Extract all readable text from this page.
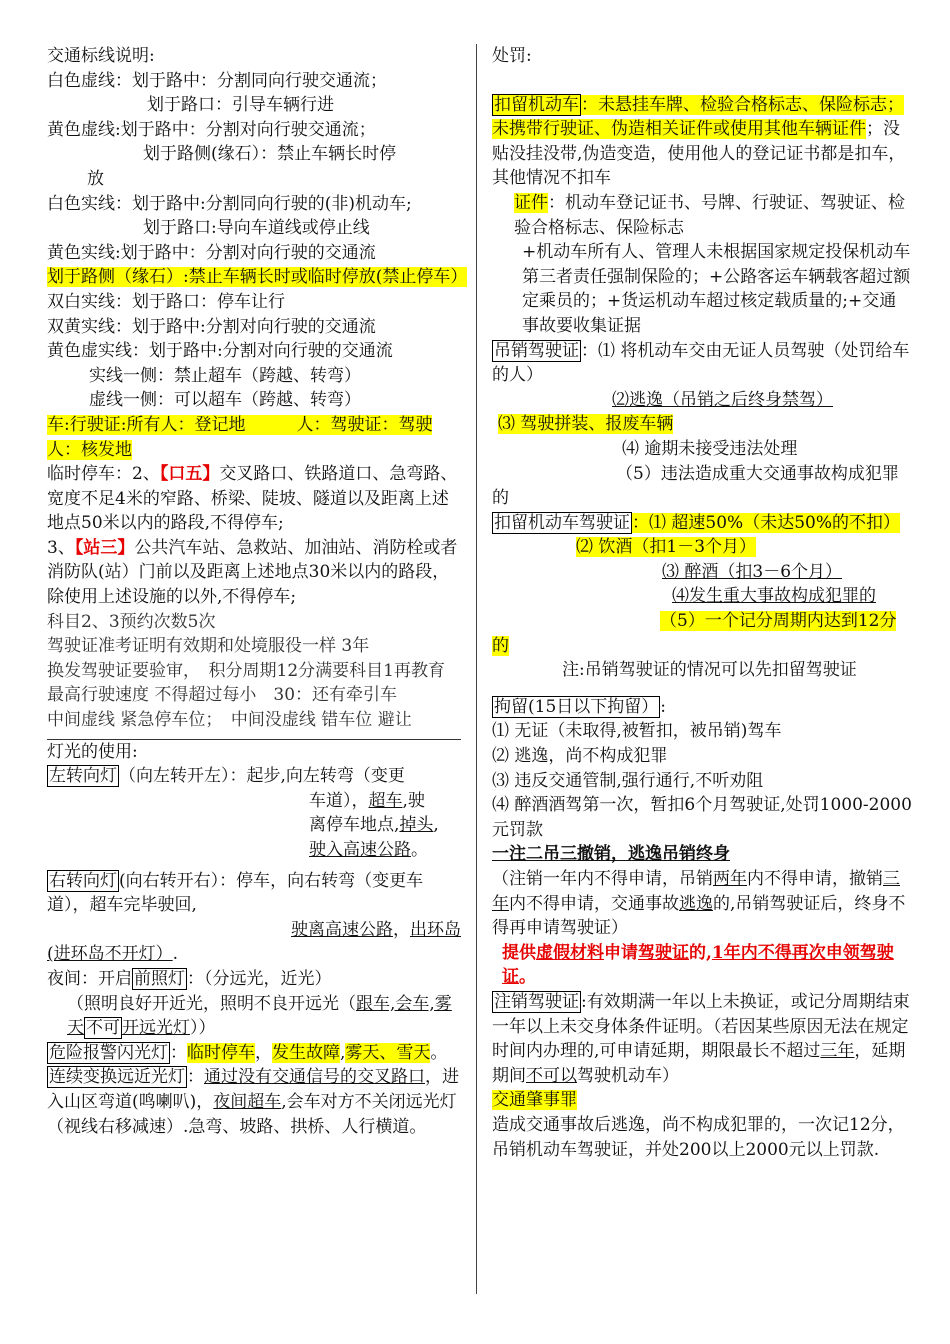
交通标线说明:
白色虚线：划于路中：分割同向行驶交通流；
划于路口：引导车辆行进
黄色虚线:划于路中：分割对向行驶交通流；
划于路侧(缘石）：禁止车辆长时停
放
白色实线：划于路中:分割同向行驶的(非)机动车;
划于路口:导向车道线或停止线
黄色实线:划于路中：分割对向行驶的交通流
划于路侧（缘石）:禁止车辆长时或临时停放(禁止停车）
双白实线：划于路口：停车让行
双黄实线：划于路中:分割对向行驶的交通流
黄色虚实线：划于路中:分割对向行驶的交通流
实线一侧：禁止超车（跨越、转弯）
虚线一侧：可以超车（跨越、转弯）
车:行驶证:所有人：登记地　　　人：驾驶证：驾驶人：核发地
临时停车：2、【口五】交叉路口、铁路道口、急弯路、宽度不足4米的窄路、桥梁、陡坡、隧道以及距离上述地点50米以内的路段,不得停车;
3、【站三】公共汽车站、急救站、加油站、消防栓或者消防队(站）门前以及距离上述地点30米以内的路段，除使用上述设施的以外,不得停车;
科目2、3预约次数5次
驾驶证准考证明有效期和处境服役一样 3年
换发驾驶证要验审，　积分周期12分满要科目1再教育
最高行驶速度 不得超过每小　30：还有牵引车
中间虚线 紧急停车位；　中间没虚线 错车位 避让
灯光的使用:
左转向灯 （向左转开左）：起步,向左转弯（变更
车道），超车,驶
离停车地点,掉头,
驶入高速公路。
右转向灯 (向右转开右）：停车，向右转弯（变更车道），超车完毕驶回,
驶离高速公路，出环岛
(进环岛不开灯）.
夜间：开启 前照灯 ：（分远光，近光）
（照明良好开近光，照明不良开远光（跟车,会车,雾天 不可 开远光灯））
危险报警闪光灯 ：临时停车，发生故障,雾天、雪天。
连续变换远近光灯 ：通过没有交通信号的交叉路口，进入山区弯道(鸣喇叭)，夜间超车,会车对方不关闭远光灯（视线右移减速）.急弯、坡路、拱桥、人行横道。
处罚:
扣留机动车 ：未悬挂车牌、检验合格标志、保险标志；未携带行驶证、伪造相关证件或使用其他车辆证件；没贴没挂没带,伪造变造，使用他人的登记证书都是扣车，其他情况不扣车
证件：机动车登记证书、号牌、行驶证、驾驶证、检验合格标志、保险标志
+机动车所有人、管理人未根据国家规定投保机动车第三者责任强制保险的；+公路客运车辆载客超过额定乘员的；+货运机动车超过核定载质量的;+交通事故要收集证据
吊销驾驶证 ：⑴ 将机动车交由无证人员驾驶（处罚给车的人）
⑵逃逸（吊销之后终身禁驾）
⑶ 驾驶拼装、报废车辆
⑷ 逾期未接受违法处理
（5）违法造成重大交通事故构成犯罪的
扣留机动车驾驶证 ：⑴ 超速50%（未达50%的不扣）
⑵ 饮酒（扣1－3个月）
⑶ 醉酒（扣3－6个月）
⑷发生重大事故构成犯罪的
（5）一个记分周期内达到12分的
注:吊销驾驶证的情况可以先扣留驾驶证
拘留(15日以下拘留） :
⑴ 无证（未取得,被暂扣，被吊销)驾车
⑵ 逃逸，尚不构成犯罪
⑶ 违反交通管制,强行通行,不听劝阻
⑷ 醉酒酒驾第一次，暂扣6个月驾驶证,处罚1000-2000元罚款
一注二吊三撤销，逃逸吊销终身
（注销一年内不得申请，吊销两年内不得申请，撤销三年内不得申请，交通事故逃逸的,吊销驾驶证后，终身不得再申请驾驶证）
提供虚假材料申请驾驶证的,1年内不得再次申领驾驶证。
注销驾驶证 :有效期满一年以上未换证，或记分周期结束一年以上未交身体条件证明。（若因某些原因无法在规定时间内办理的,可申请延期，期限最长不超过三年，延期期间不可以驾驶机动车）
交通肇事罪
造成交通事故后逃逸，尚不构成犯罪的，一次记12分，吊销机动车驾驶证，并处200以上2000元以上罚款.
